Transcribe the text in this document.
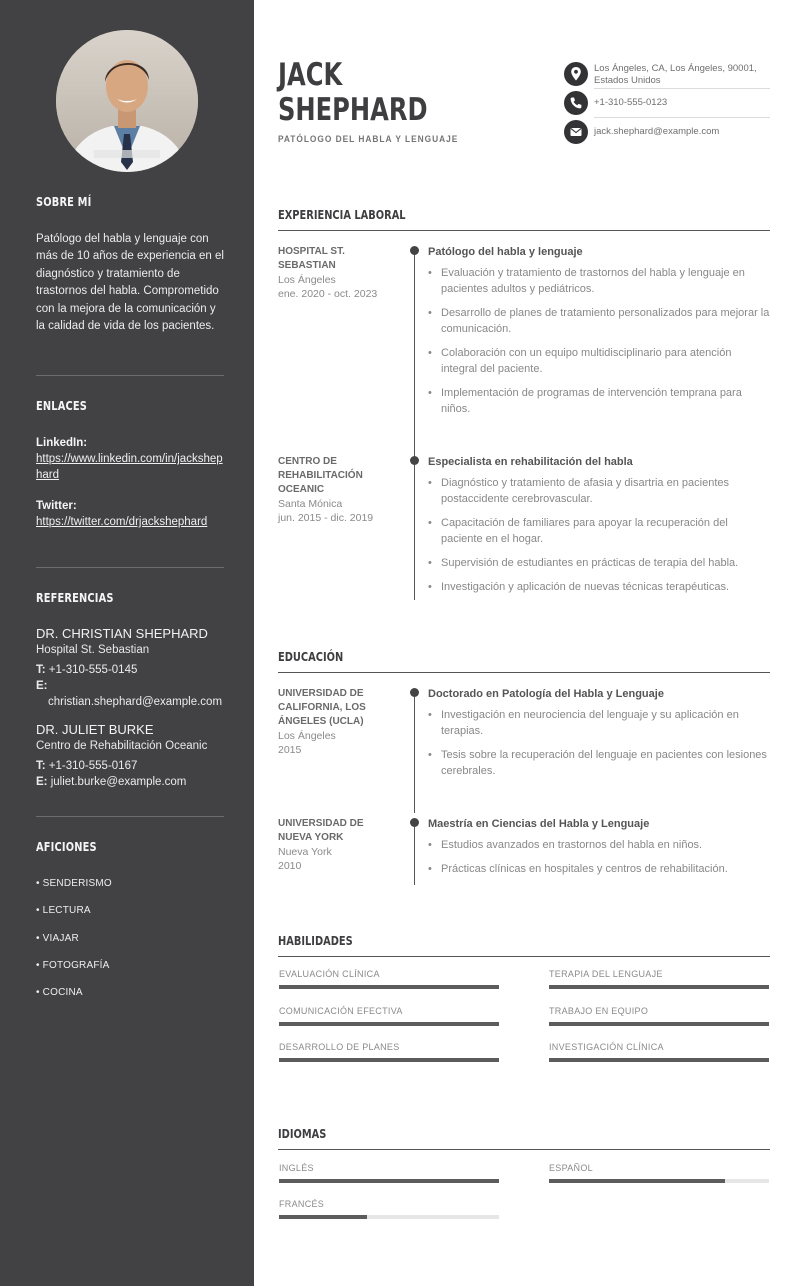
SOBRE MÍ

Patólogo del habla y lenguaje con más de 10 años de experiencia en el diagnóstico y tratamiento de trastornos del habla. Comprometido con la mejora de la comunicación y la calidad de vida de los pacientes.

ENLACES
LinkedIn:
https://www.linkedin.com/in/jackshephard
Twitter:
https://twitter.com/drjackshephard
REFERENCIAS
DR. CHRISTIAN SHEPHARD
Hospital St. Sebastian
T: +1-310-555-0145
E: christian.shephard@example.com
DR. JULIET BURKE
Centro de Rehabilitación Oceanic
T: +1-310-555-0167
E: juliet.burke@example.com
AFICIONES
• SENDERISMO
• LECTURA
• VIAJAR
• FOTOGRAFÍA
• COCINA
JACK
SHEPHARD
PATÓLOGO DEL HABLA Y LENGUAJE
Los Ángeles, CA, Los Ángeles, 90001, Estados Unidos
+1-310-555-0123
jack.shephard@example.com
EXPERIENCIA LABORAL
HOSPITAL ST. SEBASTIAN
Los Ángeles
ene. 2020 - oct. 2023
Patólogo del habla y lenguaje
• Evaluación y tratamiento de trastornos del habla y lenguaje en pacientes adultos y pediátricos.
• Desarrollo de planes de tratamiento personalizados para mejorar la comunicación.
• Colaboración con un equipo multidisciplinario para atención integral del paciente.
• Implementación de programas de intervención temprana para niños.
CENTRO DE REHABILITACIÓN OCEANIC
Santa Mónica
jun. 2015 - dic. 2019
Especialista en rehabilitación del habla
• Diagnóstico y tratamiento de afasia y disartria en pacientes postaccidente cerebrovascular.
• Capacitación de familiares para apoyar la recuperación del paciente en el hogar.
• Supervisión de estudiantes en prácticas de terapia del habla.
• Investigación y aplicación de nuevas técnicas terapéuticas.
EDUCACIÓN
UNIVERSIDAD DE CALIFORNIA, LOS ÁNGELES (UCLA)
Los Ángeles
2015
Doctorado en Patología del Habla y Lenguaje
• Investigación en neurociencia del lenguaje y su aplicación en terapias.
• Tesis sobre la recuperación del lenguaje en pacientes con lesiones cerebrales.
UNIVERSIDAD DE NUEVA YORK
Nueva York
2010
Maestría en Ciencias del Habla y Lenguaje
• Estudios avanzados en trastornos del habla en niños.
• Prácticas clínicas en hospitales y centros de rehabilitación.
HABILIDADES
EVALUACIÓN CLÍNICA	TERAPIA DEL LENGUAJE
COMUNICACIÓN EFECTIVA	TRABAJO EN EQUIPO
DESARROLLO DE PLANES	INVESTIGACIÓN CLÍNICA
IDIOMAS
INGLÉS	ESPAÑOL
FRANCÉS
